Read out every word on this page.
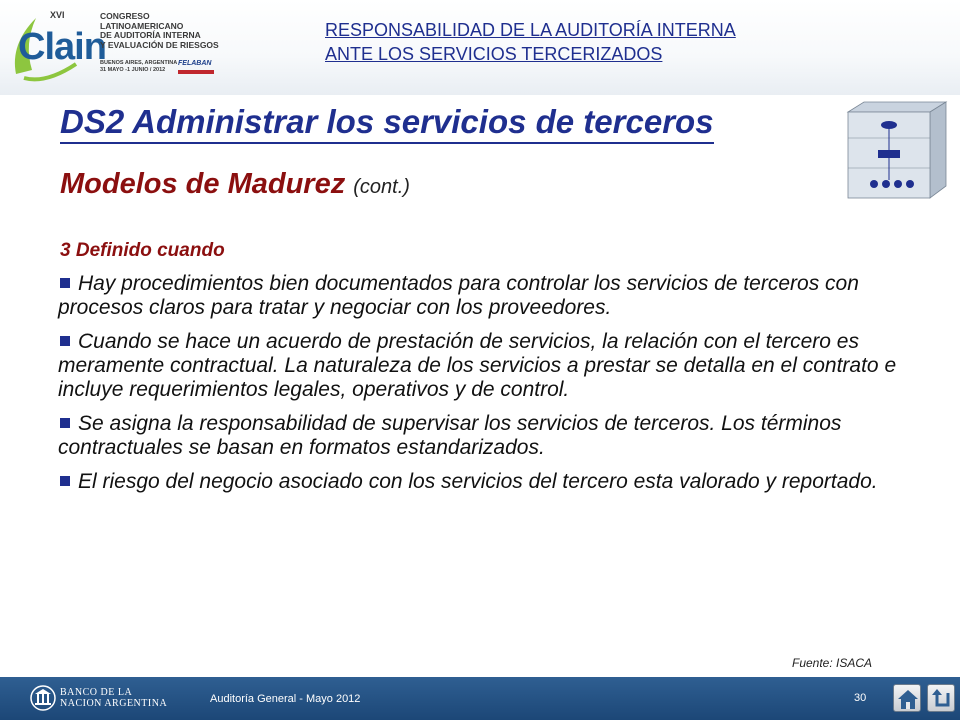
XVI
Clain
CONGRESO
LATINOAMERICANO
DE AUDITORÍA INTERNA
Y EVALUACIÓN DE RIESGOS
BUENOS AIRES, ARGENTINA
31 MAYO -1 JUNIO / 2012
FELABAN
RESPONSABILIDAD DE LA AUDITORÍA INTERNA
ANTE LOS SERVICIOS TERCERIZADOS
DS2 Administrar los servicios de terceros
Modelos de Madurez (cont.)
3 Definido cuando
Hay procedimientos bien documentados para controlar los servicios de terceros con procesos claros para tratar y negociar con los proveedores.
Cuando se hace un acuerdo de prestación de servicios, la relación con el tercero es meramente contractual. La naturaleza de los servicios a prestar se detalla en el contrato e incluye requerimientos legales, operativos y de control.
Se asigna la responsabilidad de supervisar los servicios de terceros. Los términos contractuales se basan en formatos estandarizados.
El riesgo del negocio asociado con los servicios del tercero esta valorado y reportado.
Fuente: ISACA
BANCO DE LA
NACION ARGENTINA	Auditoría General - Mayo 2012	30
